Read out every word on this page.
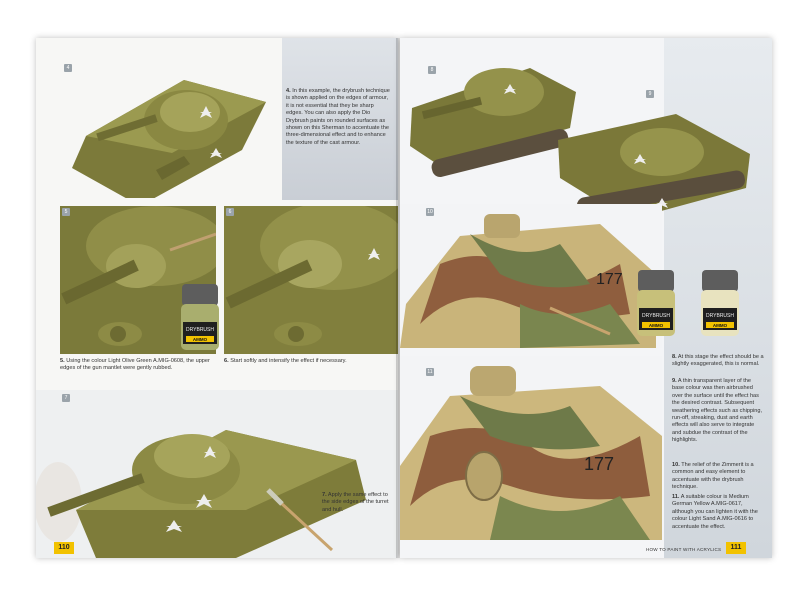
4
4. In this example, the drybrush technique is shown applied on the edges of armour, it is not essential that they be sharp edges. You can also apply the Dio Drybrush paints on rounded surfaces as shown on this Sherman to accentuate the three-dimensional effect and to enhance the texture of the cast armour.
5
DRYBRUSH
AMMO
6
5. Using the colour Light Olive Green A.MIG-0608, the upper edges of the gun mantlet were gently rubbed.
6. Start softly and intensify the effect if necessary.
7
7. Apply the same effect to the side edges of the turret and hull.
110
8
9
177
10
DRYBRUSH
AMMO
DRYBRUSH
AMMO
177
11
8. At this stage the effect should be a slightly exaggerated, this is normal.
9. A thin transparent layer of the base colour was then airbrushed over the surface until the effect has the desired contrast. Subsequent weathering effects such as chipping, run-off, streaking, dust and earth effects will also serve to integrate and subdue the contrast of the highlights.
10. The relief of the Zimmerit is a common and easy element to accentuate with the drybrush technique.
11. A suitable colour is Medium German Yellow A.MIG-0617, although you can lighten it with the colour Light Sand A.MIG-0616 to accentuate the effect.
HOW TO PAINT WITH ACRYLICS	111
